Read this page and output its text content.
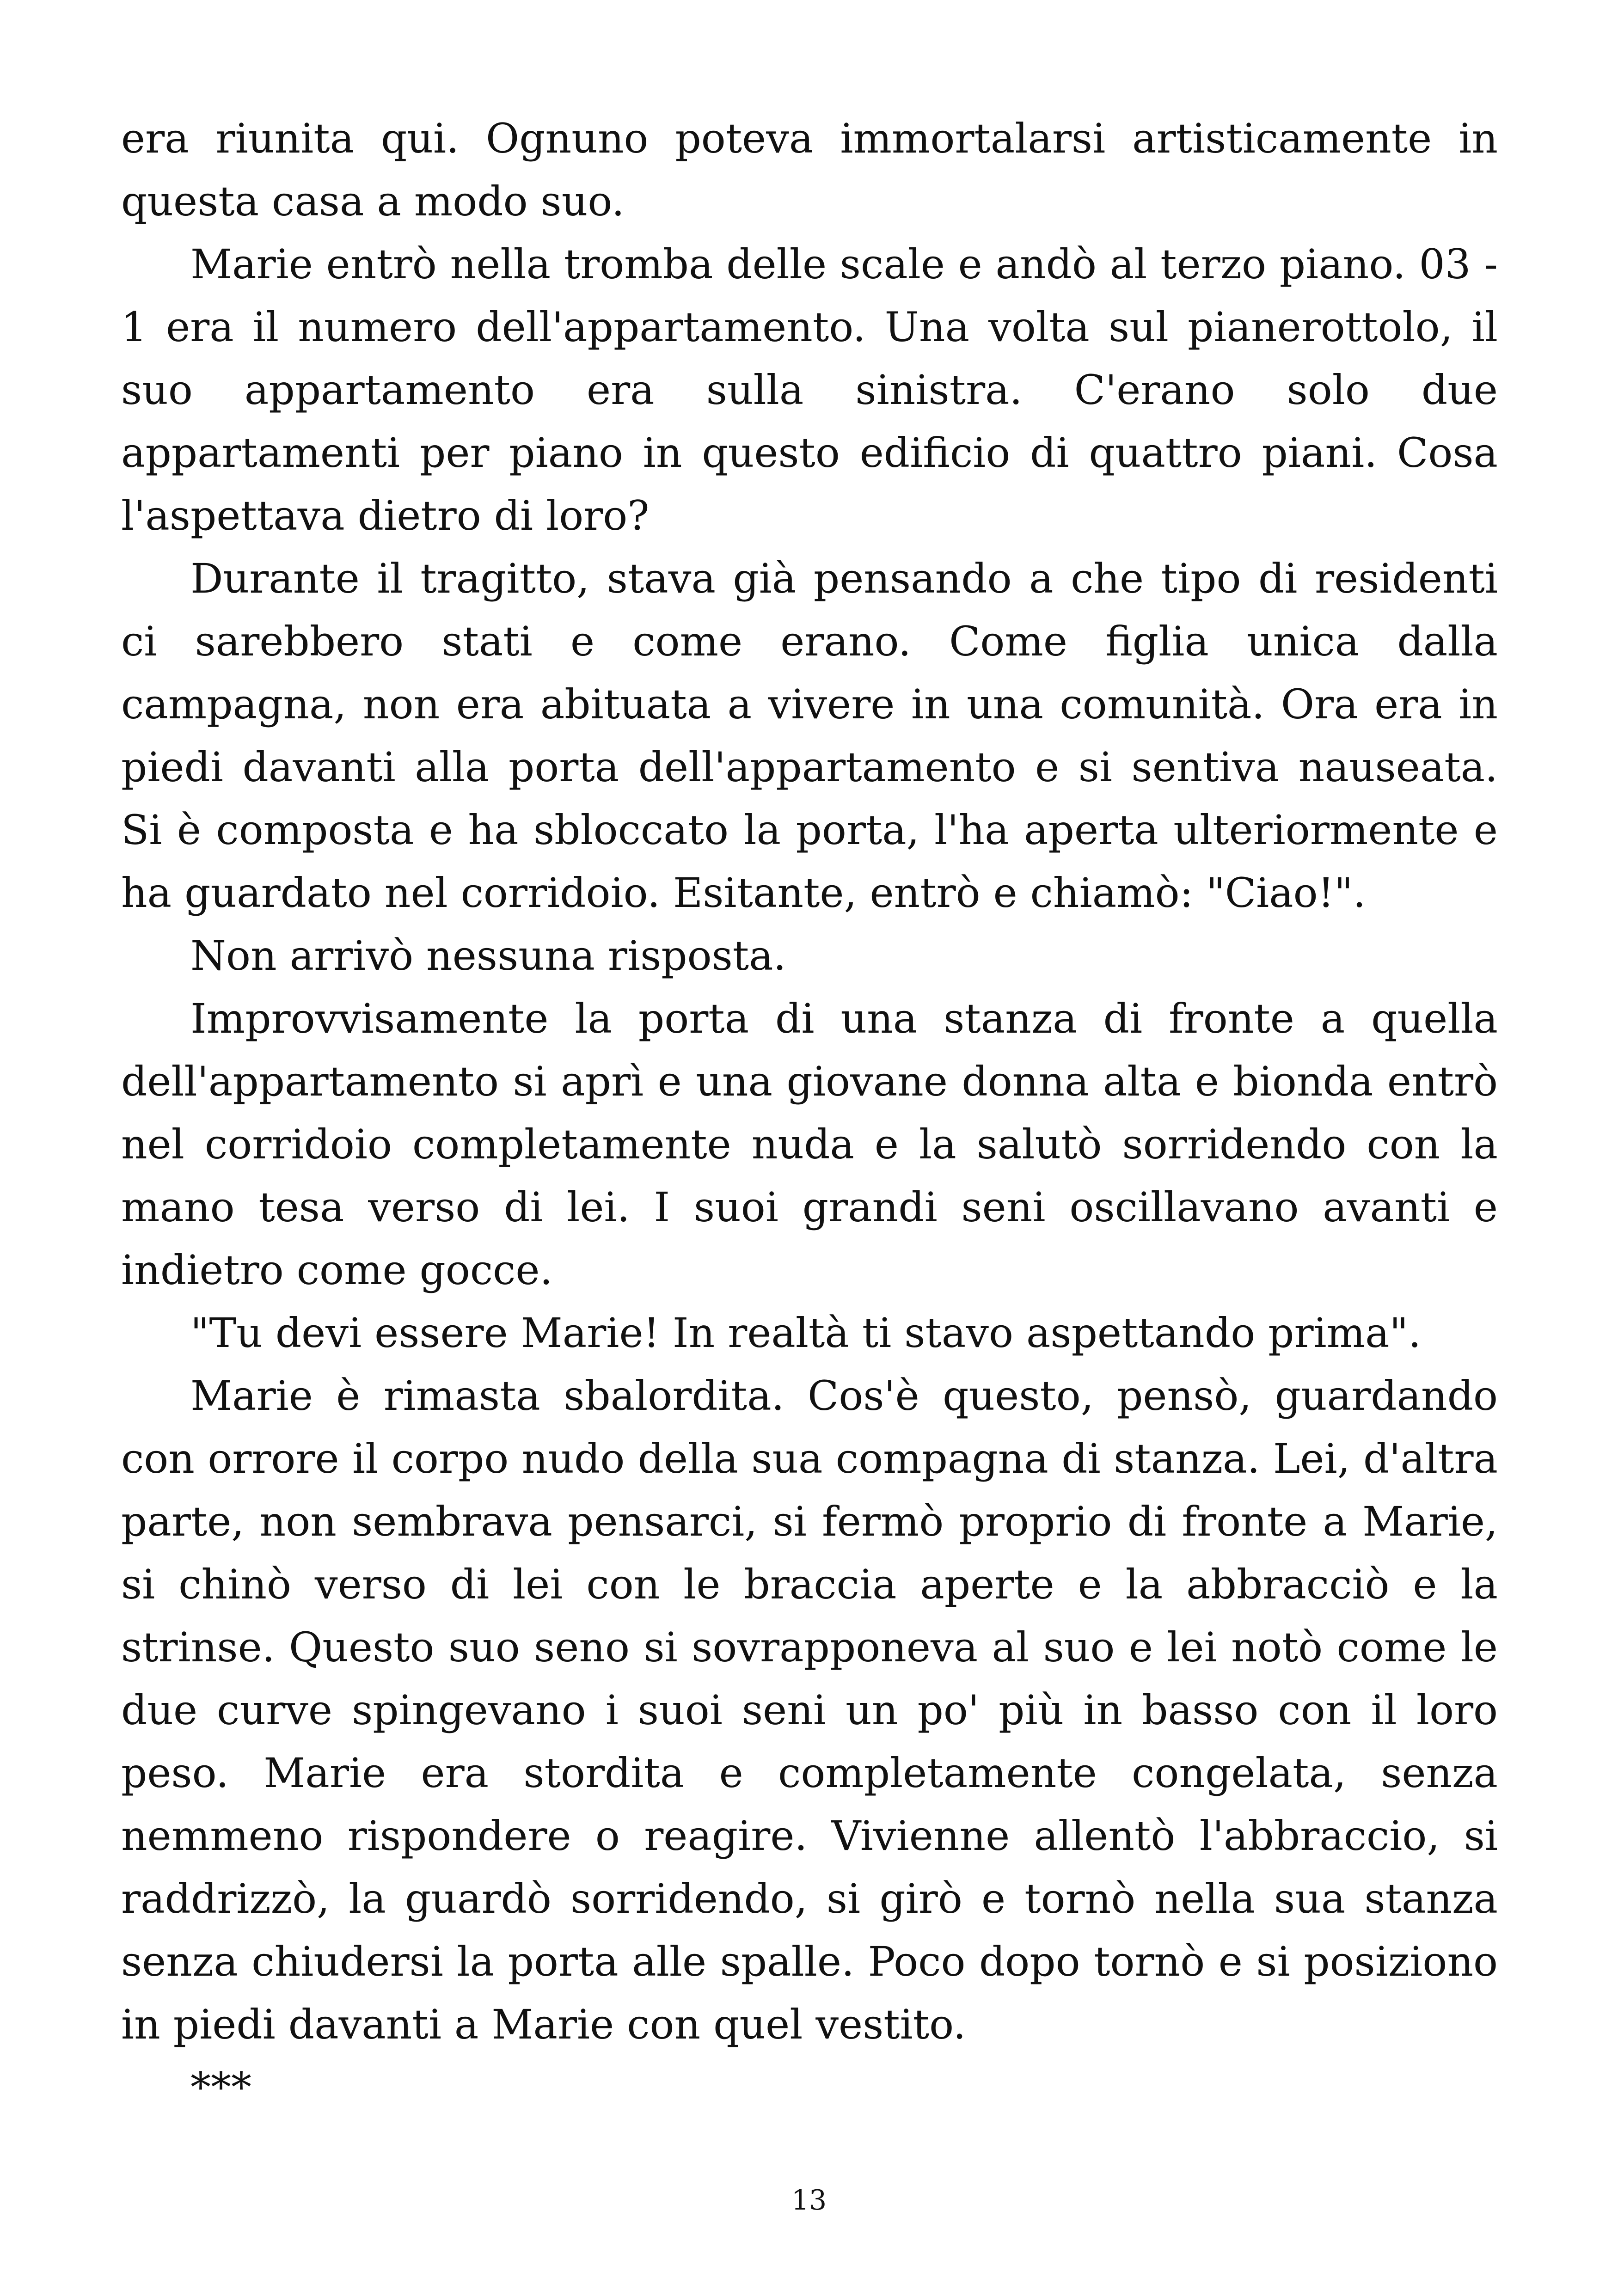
era riunita qui. Ognuno poteva immortalarsi artisticamente in questa casa a modo suo.

Marie entrò nella tromba delle scale e andò al terzo piano. 03 - 1 era il numero dell'appartamento. Una volta sul pianerottolo, il suo appartamento era sulla sinistra. C'erano solo due appartamenti per piano in questo edificio di quattro piani. Cosa l'aspettava dietro di loro?

Durante il tragitto, stava già pensando a che tipo di residenti ci sarebbero stati e come erano. Come figlia unica dalla campagna, non era abituata a vivere in una comunità. Ora era in piedi davanti alla porta dell'appartamento e si sentiva nauseata. Si è composta e ha sbloccato la porta, l'ha aperta ulteriormente e ha guardato nel corridoio. Esitante, entrò e chiamò: "Ciao!".

Non arrivò nessuna risposta.

Improvvisamente la porta di una stanza di fronte a quella dell'appartamento si aprì e una giovane donna alta e bionda entrò nel corridoio completamente nuda e la salutò sorridendo con la mano tesa verso di lei. I suoi grandi seni oscillavano avanti e indietro come gocce.

"Tu devi essere Marie! In realtà ti stavo aspettando prima".

Marie è rimasta sbalordita. Cos'è questo, pensò, guardando con orrore il corpo nudo della sua compagna di stanza. Lei, d'altra parte, non sembrava pensarci, si fermò proprio di fronte a Marie, si chinò verso di lei con le braccia aperte e la abbracciò e la strinse. Questo suo seno si sovrapponeva al suo e lei notò come le due curve spingevano i suoi seni un po' più in basso con il loro peso. Marie era stordita e completamente congelata, senza nemmeno rispondere o reagire. Vivienne allentò l'abbraccio, si raddrizzò, la guardò sorridendo, si girò e tornò nella sua stanza senza chiudersi la porta alle spalle. Poco dopo tornò e si posiziono in piedi davanti a Marie con quel vestito.

***

13
